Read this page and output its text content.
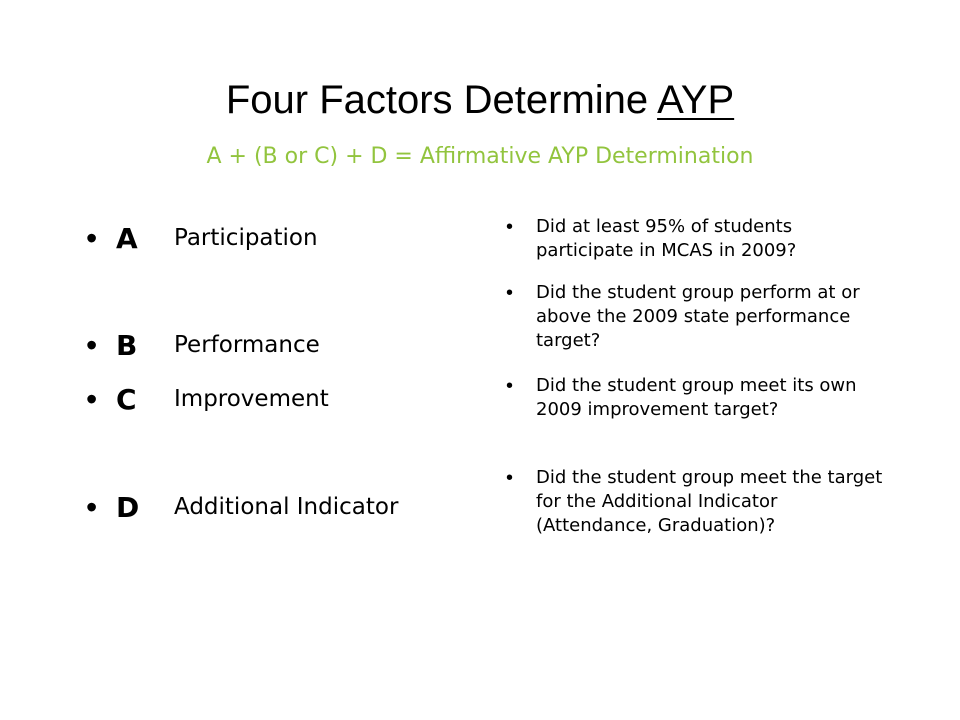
Four Factors Determine AYP
A + (B or C) + D = Affirmative AYP Determination
• A	Participation
• B	Performance
• C	Improvement
• D	Additional Indicator
•	Did at least 95% of students participate in MCAS in 2009?
•	Did the student group perform at or above the 2009 state performance target?
•	Did the student group meet its own 2009 improvement target?
•	Did the student group meet the target for the Additional Indicator (Attendance, Graduation)?
